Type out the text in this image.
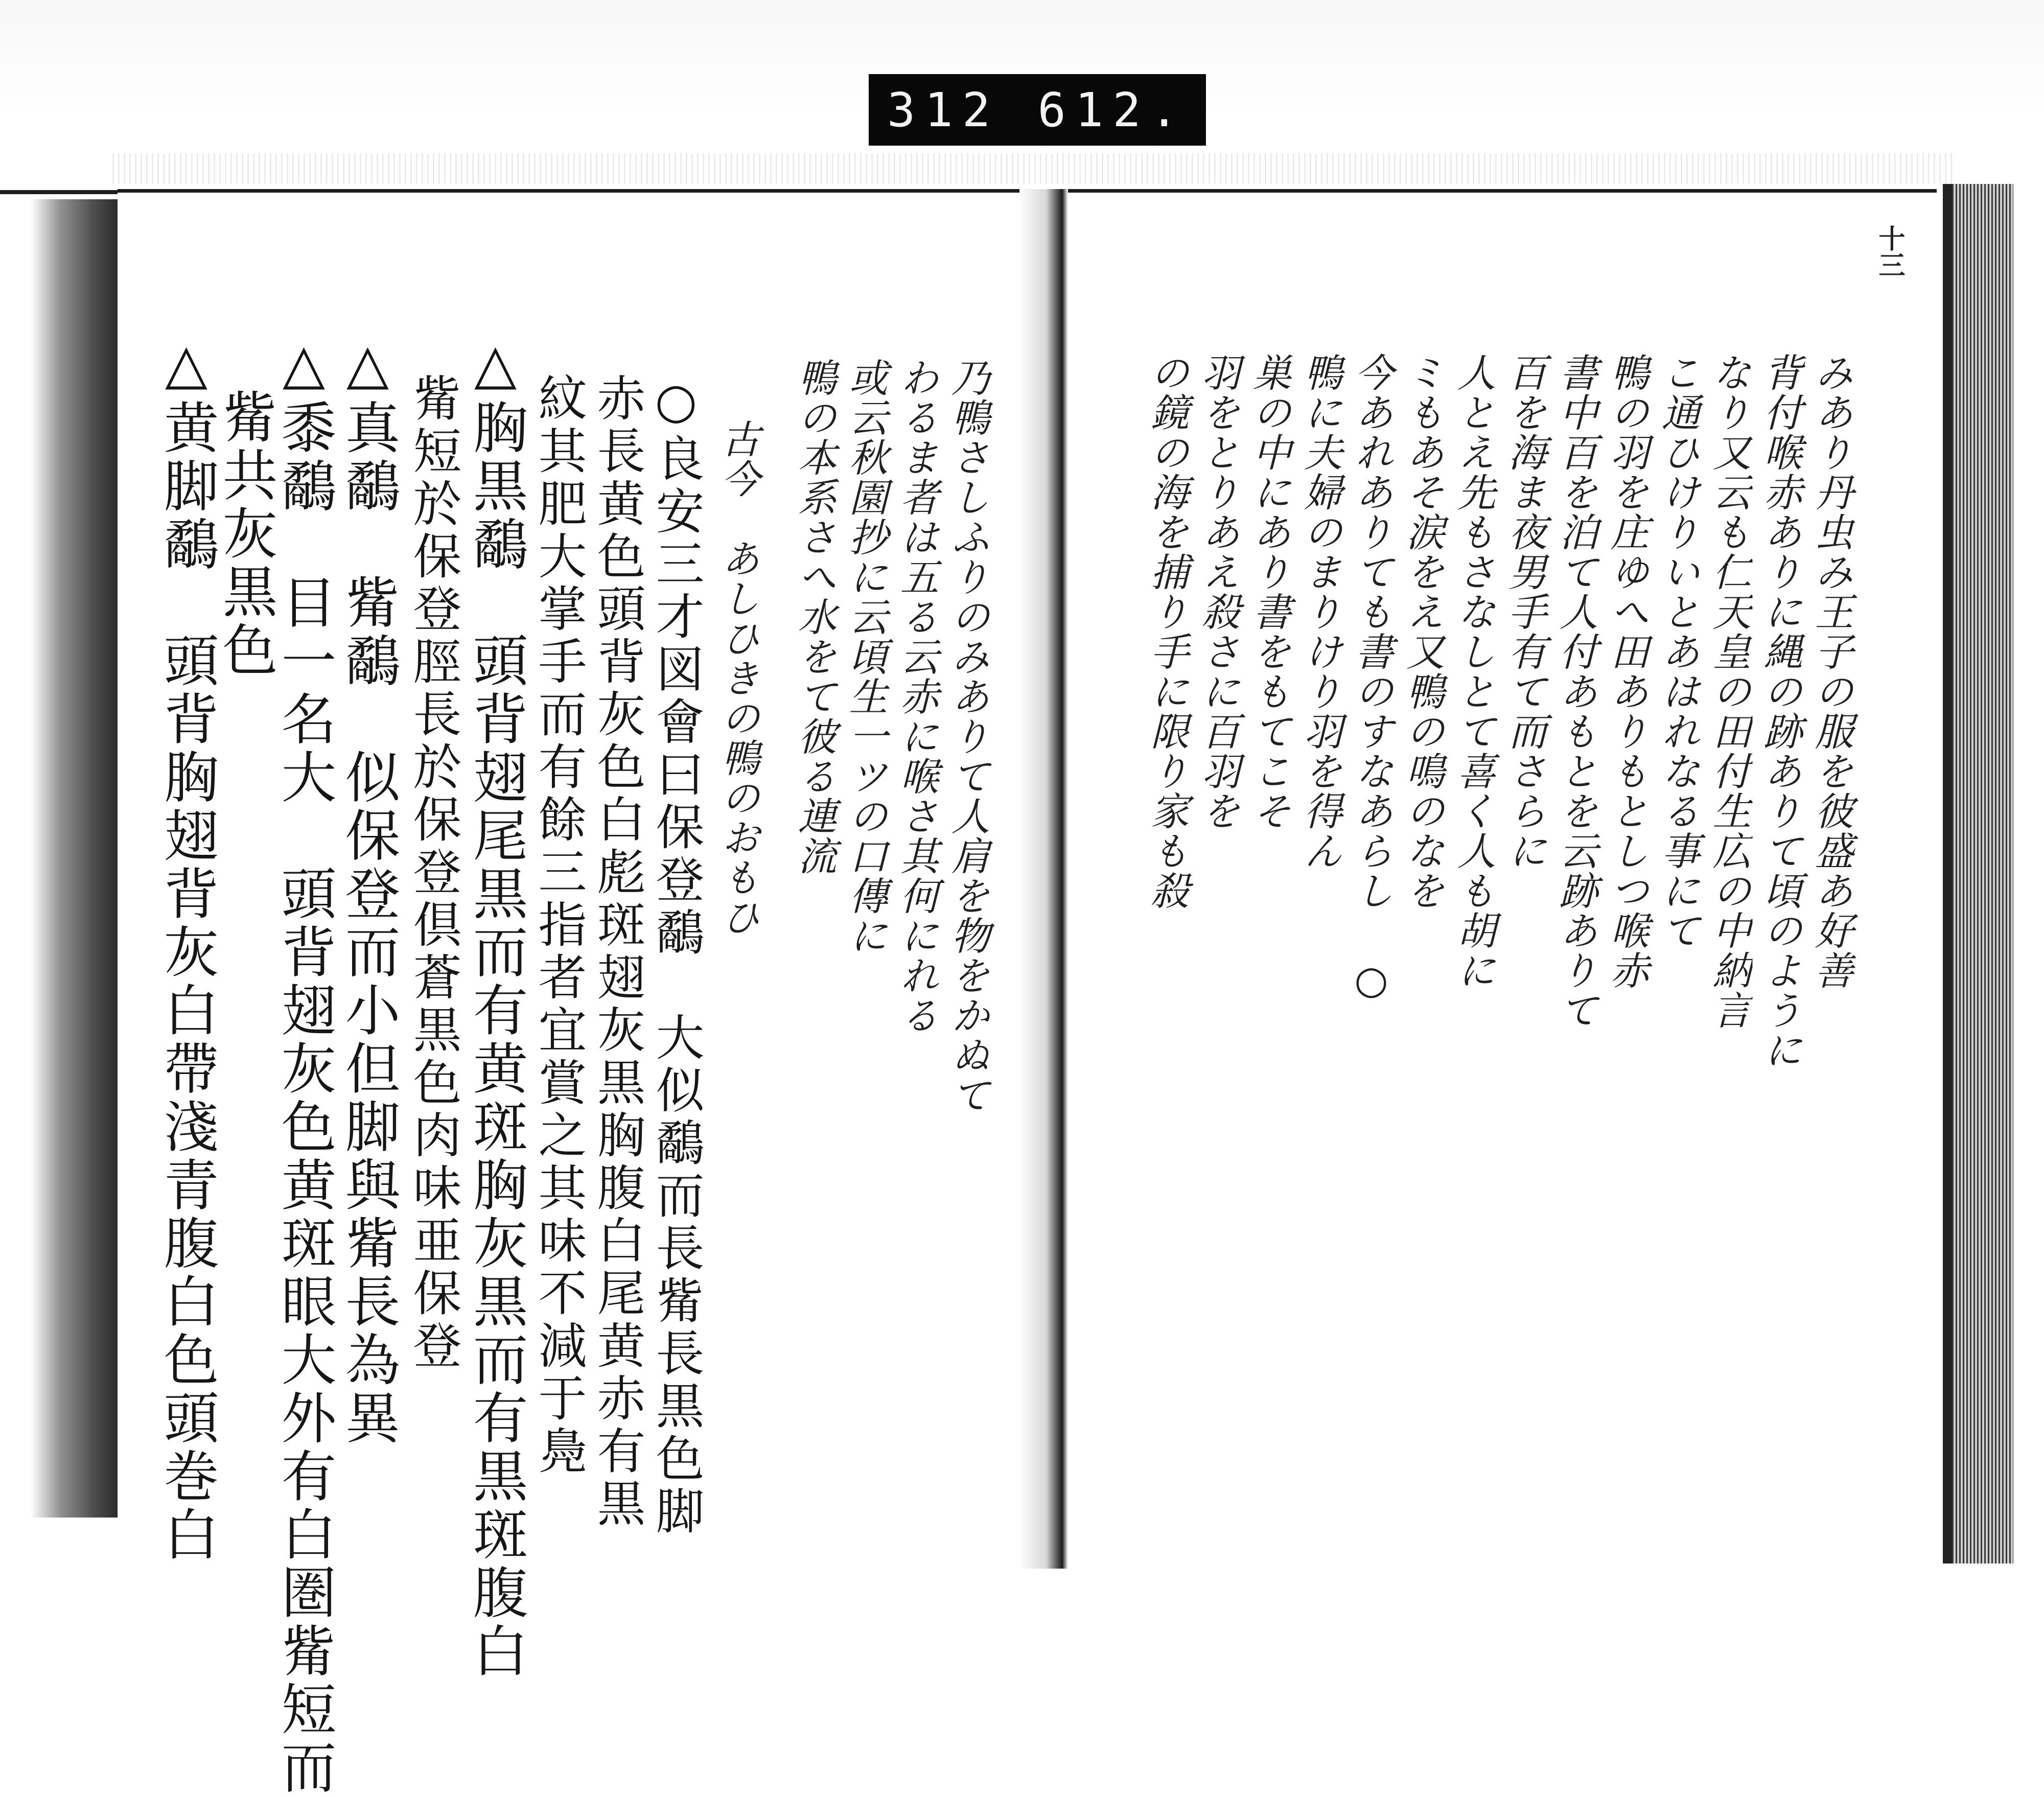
312 612.
十三
みあり丹虫み王子の服を彼盛あ好善
背付喉赤ありに縄の跡ありて頃のように
なり又云も仁天皇の田付生広の中納言
こ通ひけりいとあはれなる事にて
鴨の羽を庄ゆへ田ありもとしつ喉赤
書中百を泊て人付あもとを云跡ありて
百を海ま夜男手有て而さらに
人とえ先もさなしとて喜く人も胡に
ミもあそ涙をえ又鴨の鳴のなを
今あれありても書のすなあらし ○
鴨に夫婦のまりけり羽を得ん
巣の中にあり書をもてこそ
羽をとりあえ殺さに百羽を
の鏡の海を捕り手に限り家も殺
乃鴨さしふりのみありて人肩を物をかぬて
わるま者は五る云赤に喉さ其何にれる
或云秋園抄に云頃生一ツの口傳に
鴨の本系さへ水をて彼る連流
古今　あしひきの鴨のおもひ
○良安三才図會曰保登鷸　大似鷸而長觜長黒色脚
赤長黄色頭背灰色白彪斑翅灰黒胸腹白尾黄赤有黒
紋其肥大掌手而有餘三指者宜賞之其味不減于鳧
△胸黒鷸　頭背翅尾黒而有黄斑胸灰黒而有黒斑腹白
觜短於保登脛長於保登倶蒼黒色肉味亜保登
△真鷸　觜鷸　似保登而小但脚與觜長為異
△黍鷸　目一名大　頭背翅灰色黄斑眼大外有白圏觜短而
觜共灰黒色
△黄脚鷸　頭背胸翅背灰白帶淺青腹白色頭巻白
